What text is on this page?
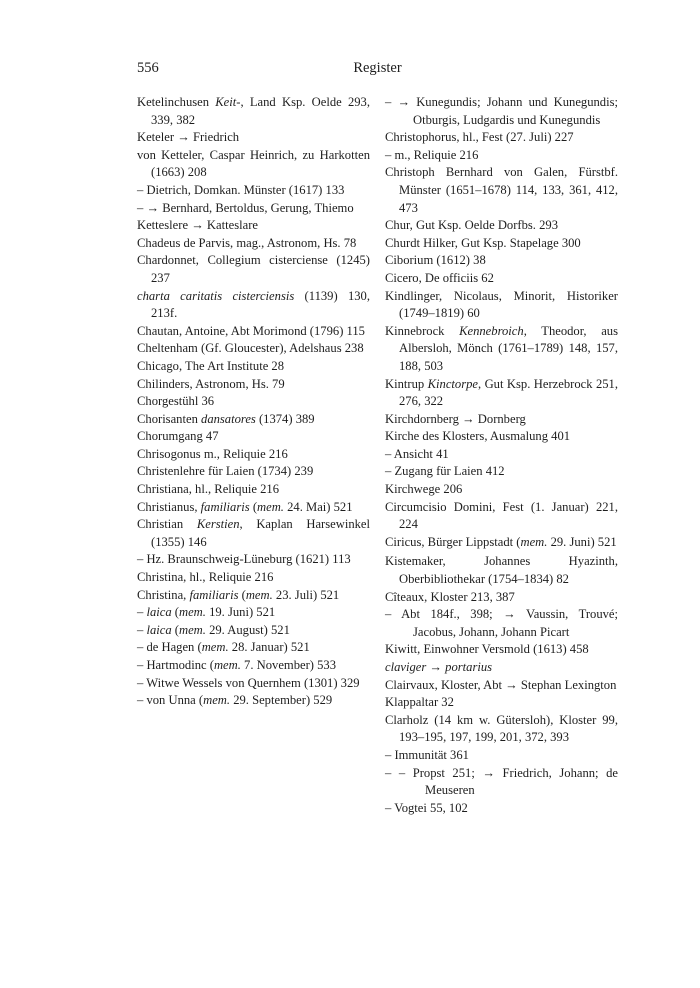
556	Register

Ketelinchusen Keit-, Land Ksp. Oelde 293, 339, 382

Keteler → Friedrich

von Ketteler, Caspar Heinrich, zu Harkotten (1663) 208

– Dietrich, Domkan. Münster (1617) 133

– → Bernhard, Bertoldus, Gerung, Thiemo

Ketteslere → Katteslare

Chadeus de Parvis, mag., Astronom, Hs. 78

Chardonnet, Collegium cisterciense (1245) 237

charta caritatis cisterciensis (1139) 130, 213f.

Chautan, Antoine, Abt Morimond (1796) 115

Cheltenham (Gf. Gloucester), Adelshaus 238

Chicago, The Art Institute 28

Chilinders, Astronom, Hs. 79

Chorgestühl 36

Chorisanten dansatores (1374) 389

Chorumgang 47

Chrisogonus m., Reliquie 216

Christenlehre für Laien (1734) 239

Christiana, hl., Reliquie 216

Christianus, familiaris (mem. 24. Mai) 521

Christian Kerstien, Kaplan Harsewinkel (1355) 146

– Hz. Braunschweig-Lüneburg (1621) 113

Christina, hl., Reliquie 216

Christina, familiaris (mem. 23. Juli) 521

– laica (mem. 19. Juni) 521

– laica (mem. 29. August) 521

– de Hagen (mem. 28. Januar) 521

– Hartmodinc (mem. 7. November) 533

– Witwe Wessels von Quernhem (1301) 329

– von Unna (mem. 29. September) 529

– → Kunegundis; Johann und Kunegundis; Otburgis, Ludgardis und Kunegundis

Christophorus, hl., Fest (27. Juli) 227

– m., Reliquie 216

Christoph Bernhard von Galen, Fürstbf. Münster (1651–1678) 114, 133, 361, 412, 473

Chur, Gut Ksp. Oelde Dorfbs. 293

Churdt Hilker, Gut Ksp. Stapelage 300

Ciborium (1612) 38

Cicero, De officiis 62

Kindlinger, Nicolaus, Minorit, Historiker (1749–1819) 60

Kinnebrock Kennebroich, Theodor, aus Albersloh, Mönch (1761–1789) 148, 157, 188, 503

Kintrup Kinctorpe, Gut Ksp. Herzebrock 251, 276, 322

Kirchdornberg → Dornberg

Kirche des Klosters, Ausmalung 401

– Ansicht 41

– Zugang für Laien 412

Kirchwege 206

Circumcisio Domini, Fest (1. Januar) 221, 224

Ciricus, Bürger Lippstadt (mem. 29. Juni) 521

Kistemaker, Johannes Hyazinth, Oberbibliothekar (1754–1834) 82

Cîteaux, Kloster 213, 387

– Abt 184f., 398; → Vaussin, Trouvé; Jacobus, Johann, Johann Picart

Kiwitt, Einwohner Versmold (1613) 458

claviger → portarius

Clairvaux, Kloster, Abt → Stephan Lexington

Klappaltar 32

Clarholz (14 km w. Gütersloh), Kloster 99, 193–195, 197, 199, 201, 372, 393

– Immunität 361

– – Propst 251; → Friedrich, Johann; de Meuseren

– Vogtei 55, 102
